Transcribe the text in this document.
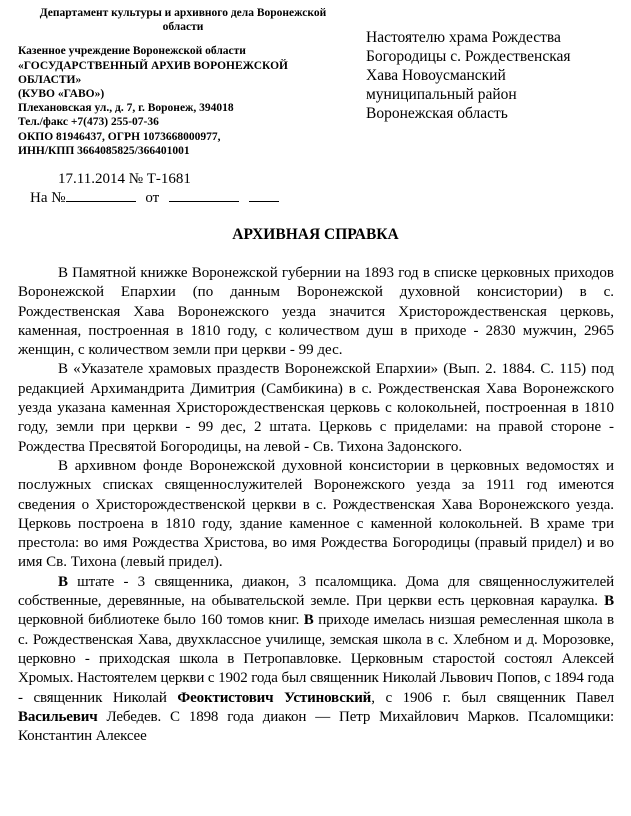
Департамент культуры и архивного дела Воронежской области
Казенное учреждение Воронежской области
«ГОСУДАРСТВЕННЫЙ АРХИВ ВОРОНЕЖСКОЙ
ОБЛАСТИ»
(КУВО «ГАВО»)
Плехановская ул., д. 7, г. Воронеж, 394018
Тел./факс +7(473) 255-07-36
ОКПО 81946437, ОГРН 1073668000977,
ИНН/КПП 3664085825/366401001
Настоятелю храма Рождества
Богородицы с. Рождественская
Хава Новоусманский
муниципальный район
Воронежская область
17.11.2014 № Т-1681
На №	от
АРХИВНАЯ СПРАВКА

В Памятной книжке Воронежской губернии на 1893 год в списке церковных приходов Воронежской Епархии (по данным Воронежской духовной консистории) в с. Рождественская Хава Воронежского уезда значится Христорождественская церковь, каменная, построенная в 1810 году, с количеством душ в приходе - 2830 мужчин, 2965 женщин, с количеством земли при церкви - 99 дес.

В «Указателе храмовых праздеств Воронежской Епархии» (Вып. 2. 1884. С. 115) под редакцией Архимандрита Димитрия (Самбикина) в с. Рождественская Хава Воронежского уезда указана каменная Христорождественская церковь с колокольней, построенная в 1810 году, земли при церкви - 99 дес, 2 штата. Церковь с приделами: на правой стороне - Рождества Пресвятой Богородицы, на левой - Св. Тихона Задонского.

В архивном фонде Воронежской духовной консистории в церковных ведомостях и послужных списках священнослужителей Воронежского уезда за 1911 год имеются сведения о Христорождественской церкви в с. Рождественская Хава Воронежского уезда. Церковь построена в 1810 году, здание каменное с каменной колокольней. В храме три престола: во имя Рождества Христова, во имя Рождества Богородицы (правый придел) и во имя Св. Тихона (левый придел).

В штате - 3 священника, диакон, 3 псаломщика. Дома для священнослужителей собственные, деревянные, на обывательской земле. При церкви есть церковная караулка. В церковной библиотеке было 160 томов книг. В приходе имелась низшая ремесленная школа в с. Рождественская Хава, двухклассное училище, земская школа в с. Хлебном и д. Морозовке, церковно - приходская школа в Петропавловке. Церковным старостой состоял Алексей Хромых. Настоятелем церкви с 1902 года был священник Николай Львович Попов, с 1894 года - священник Николай Феоктистович Устиновский, с 1906 г. был священник Павел Васильевич Лебедев. С 1898 года диакон — Петр Михайлович Марков. Псаломщики: Константин Алексее
